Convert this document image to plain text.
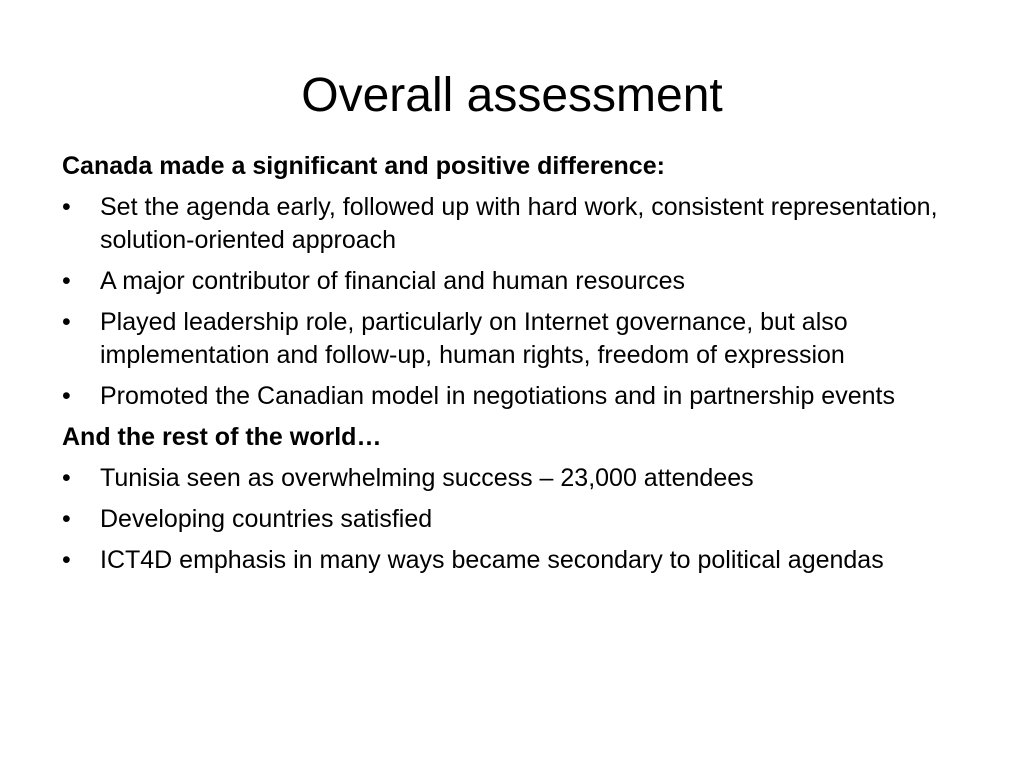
Overall assessment
Canada made a significant and positive difference:
•	Set the agenda early, followed up with hard work, consistent representation, solution-oriented approach
•	A major contributor of financial and human resources
•	Played leadership role, particularly on Internet governance, but also implementation and follow-up, human rights, freedom of expression
•	Promoted the Canadian model in negotiations and in partnership events
And the rest of the world…
•	Tunisia seen as overwhelming success – 23,000 attendees
•	Developing countries satisfied
•	ICT4D emphasis in many ways became secondary to political agendas
